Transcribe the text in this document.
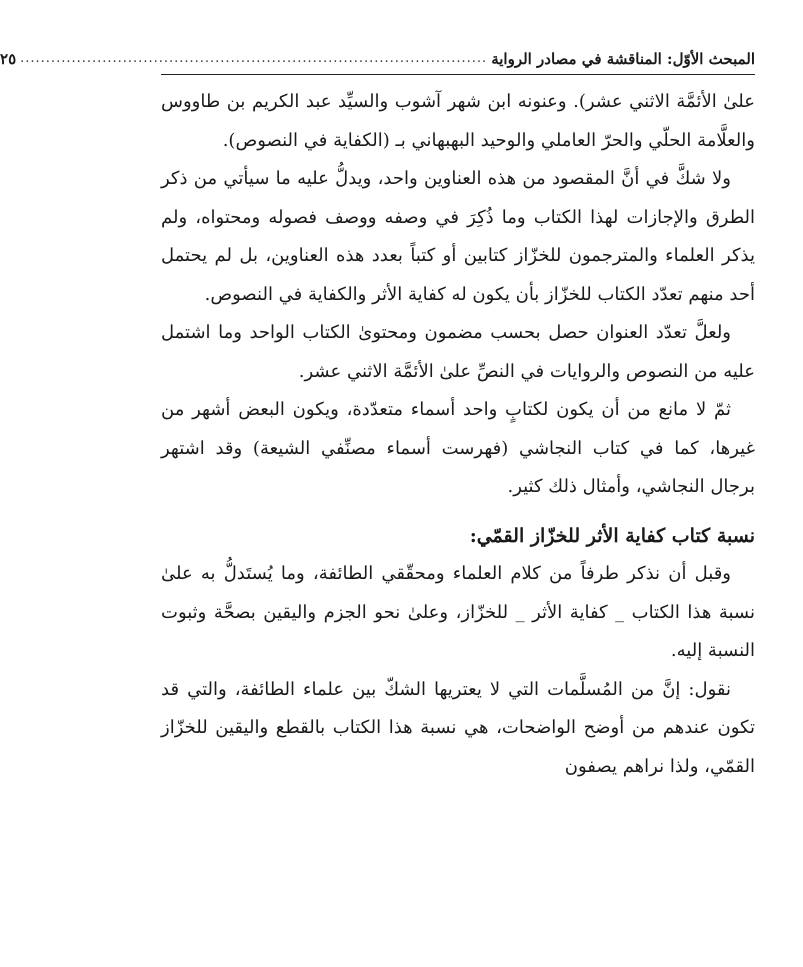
المبحث الأوّل: المناقشة في مصادر الرواية
...........................................................................................
٢٥

علىٰ الأئمَّة الاثني عشر). وعنونه ابن شهر آشوب والسيِّد عبد الكريم بن طاووس والعلَّامة الحلّي والحرّ العاملي والوحيد البهبهاني بـ (الكفاية في النصوص).

ولا شكَّ في أنَّ المقصود من هذه العناوين واحد، ويدلُّ عليه ما سيأتي من ذكر الطرق والإجازات لهذا الكتاب وما ذُكِرَ في وصفه ووصف فصوله ومحتواه، ولم يذكر العلماء والمترجمون للخزّاز كتابين أو كتباً بعدد هذه العناوين، بل لم يحتمل أحد منهم تعدّد الكتاب للخزّاز بأن يكون له كفاية الأثر والكفاية في النصوص.

ولعلَّ تعدّد العنوان حصل بحسب مضمون ومحتوىٰ الكتاب الواحد وما اشتمل عليه من النصوص والروايات في النصِّ علىٰ الأئمَّة الاثني عشر.

ثمّ لا مانع من أن يكون لكتابٍ واحد أسماء متعدّدة، ويكون البعض أشهر من غيرها، كما في كتاب النجاشي (فهرست أسماء مصنِّفي الشيعة) وقد اشتهر برجال النجاشي، وأمثال ذلك كثير.

نسبة كتاب كفاية الأثر للخزّاز القمّي:

وقبل أن نذكر طرفاً من كلام العلماء ومحقّقي الطائفة، وما يُستَدلُّ به علىٰ نسبة هذا الكتاب _ كفاية الأثر _ للخزّاز، وعلىٰ نحو الجزم واليقين بصحَّة وثبوت النسبة إليه.

نقول: إنَّ من المُسلَّمات التي لا يعتريها الشكّ بين علماء الطائفة، والتي قد تكون عندهم من أوضح الواضحات، هي نسبة هذا الكتاب بالقطع واليقين للخزّاز القمّي، ولذا نراهم يصفون
